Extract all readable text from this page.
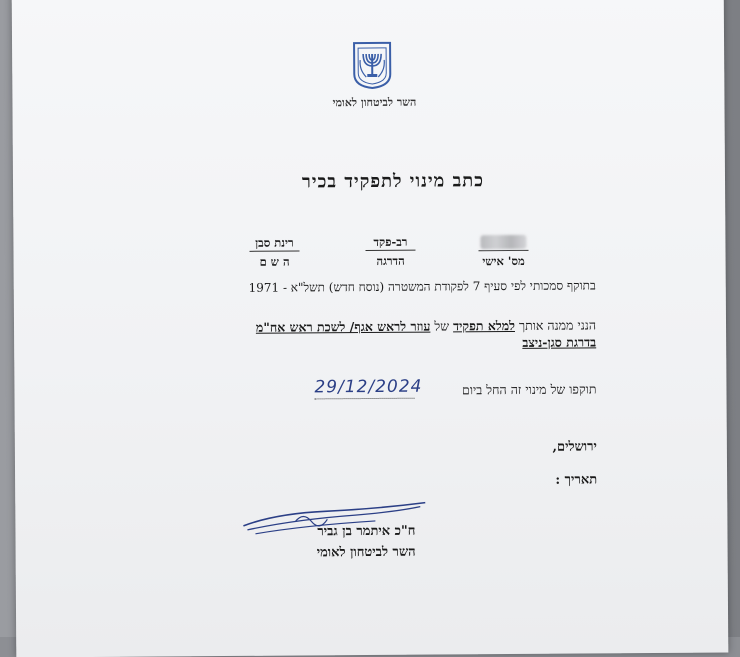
השר לביטחון לאומי
כתב מינוי לתפקיד בכיר
רינת סבן
ה ש ם
רב-פקד
הדרגה	מס' אישי
בתוקף סמכותי לפי סעיף 7 לפקודת המשטרה (נוסח חדש) תשל"א - 1971
הנני ממנה אותך למלא תפקיד של עוזר לראש אגף/ לשכת ראש אח"מ
בדרגת סגן-ניצב
תוקפו של מינוי זה החל ביום
29/12/2024
ירושלים,
תאריך :
ח"כ איתמר בן גביר
השר לביטחון לאומי
